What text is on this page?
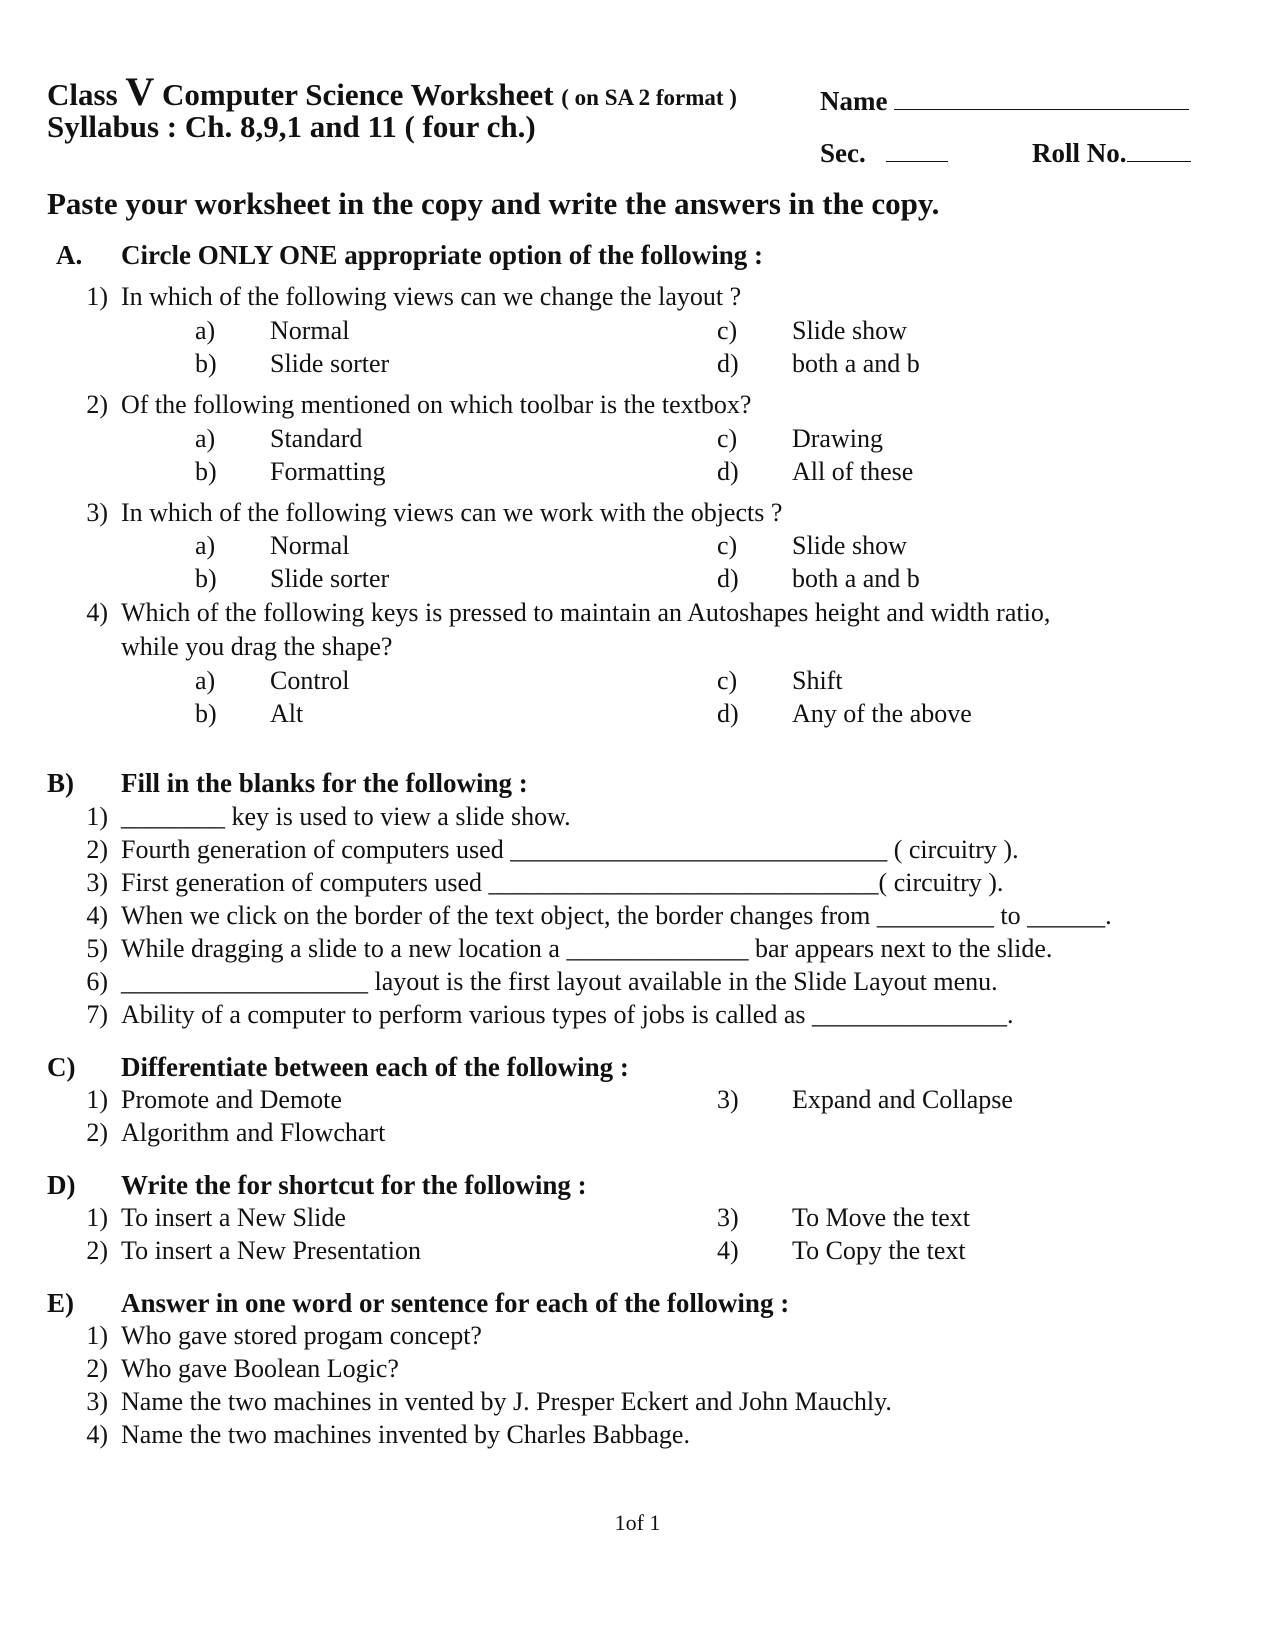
Class V Computer Science Worksheet ( on SA 2 format )
Syllabus : Ch. 8,9,1 and 11 ( four ch.)
Name
Sec.	Roll No.
Paste your worksheet in the copy and write the answers in the copy.
A. Circle ONLY ONE appropriate option of the following :
1) In which of the following views can we change the layout ?
a) Normal	c) Slide show
b) Slide sorter	d) both a and b
2) Of the following mentioned on which toolbar is the textbox?
a) Standard	c) Drawing
b) Formatting	d) All of these
3) In which of the following views can we work with the objects ?
a) Normal	c) Slide show
b) Slide sorter	d) both a and b
4) Which of the following keys is pressed to maintain an Autoshapes height and width ratio,
while you drag the shape?
a) Control	c) Shift
b) Alt	d) Any of the above
B) Fill in the blanks for the following :
1) ________ key is used to view a slide show.
2) Fourth generation of computers used _____________________________ ( circuitry ).
3) First generation of computers used ______________________________( circuitry ).
4) When we click on the border of the text object, the border changes from _________ to ______.
5) While dragging a slide to a new location a ______________ bar appears next to the slide.
6) ___________________ layout is the first layout available in the Slide Layout menu.
7) Ability of a computer to perform various types of jobs is called as _______________.
C) Differentiate between each of the following :
1) Promote and Demote	3) Expand and Collapse
2) Algorithm and Flowchart
D) Write the for shortcut for the following :
1) To insert a New Slide	3) To Move the text
2) To insert a New Presentation	4) To Copy the text
E) Answer in one word or sentence for each of the following :
1) Who gave stored progam concept?
2) Who gave Boolean Logic?
3) Name the two machines in vented by J. Presper Eckert and John Mauchly.
4) Name the two machines invented by Charles Babbage.
1of 1
